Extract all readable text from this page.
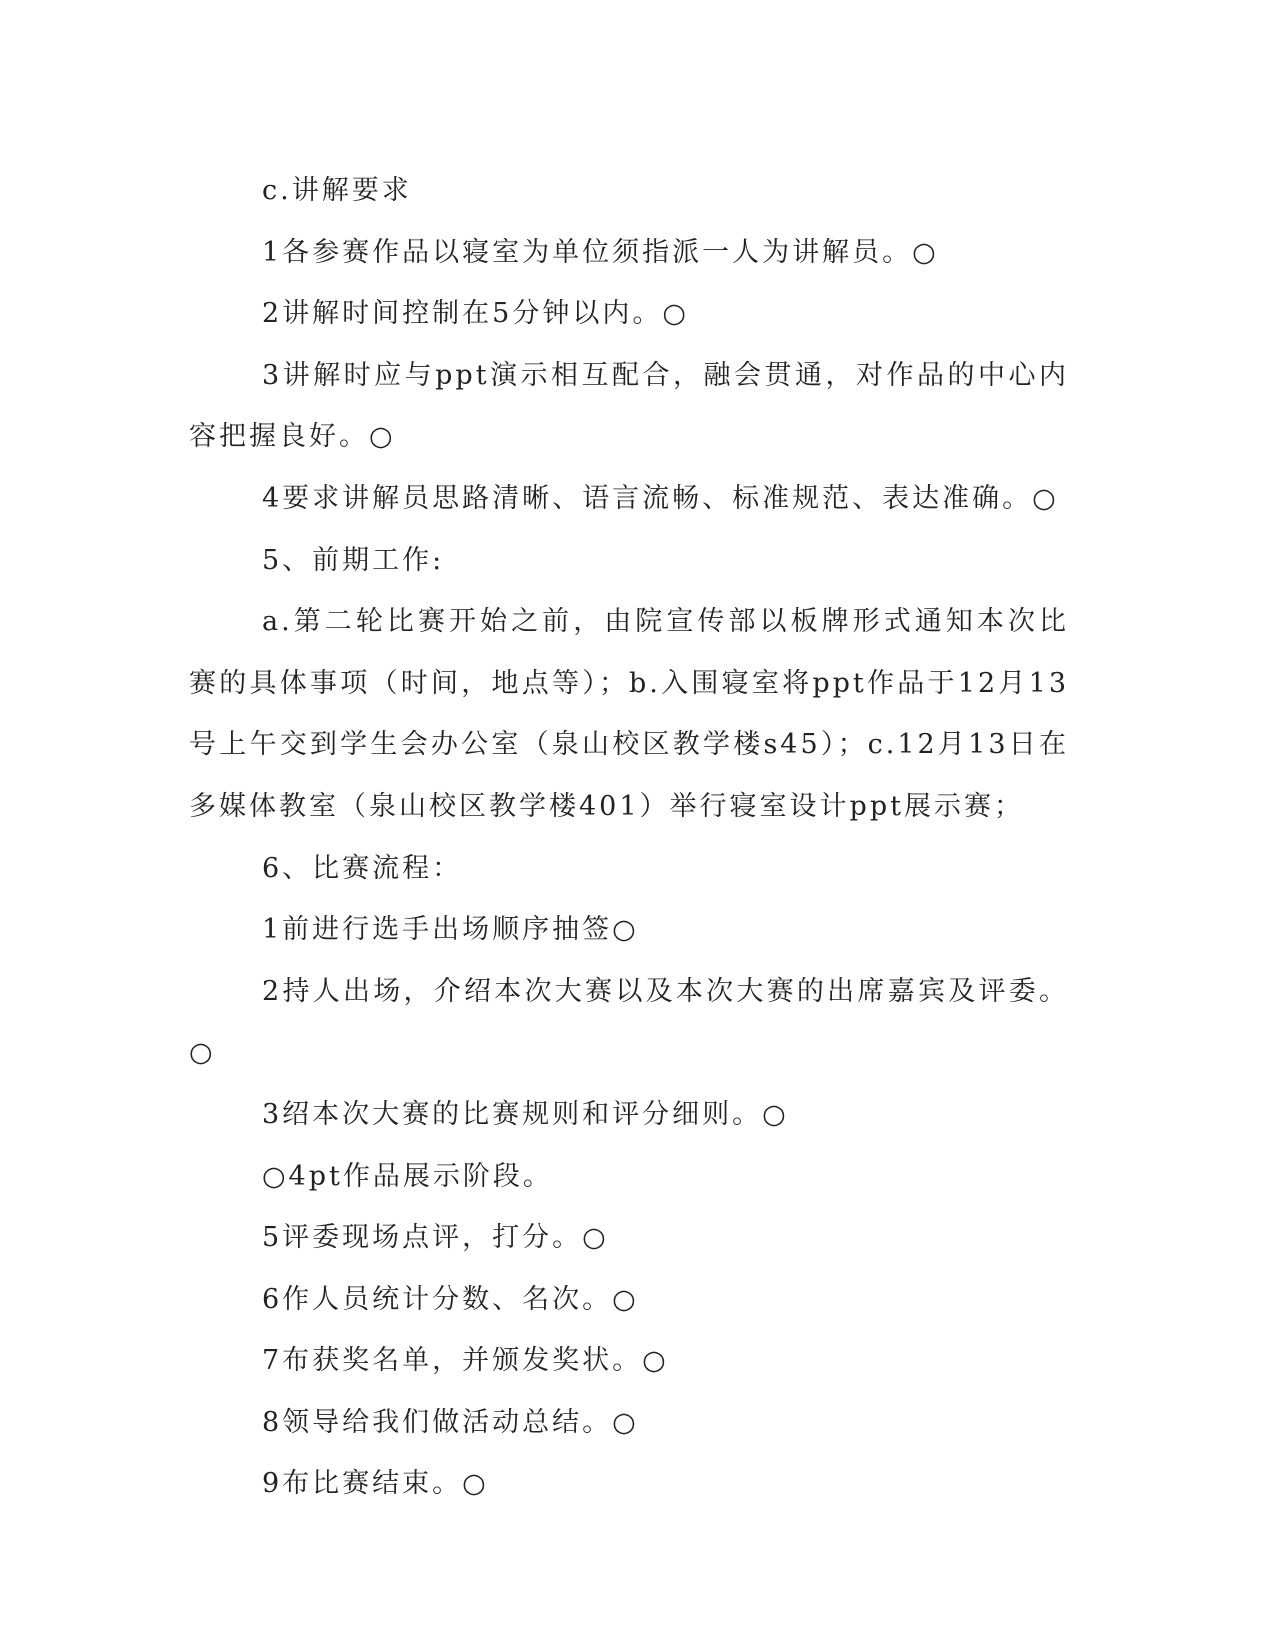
c.讲解要求

1各参赛作品以寝室为单位须指派一人为讲解员。○

2讲解时间控制在5分钟以内。○

3讲解时应与ppt演示相互配合，融会贯通，对作品的中心内容把握良好。○

4要求讲解员思路清晰、语言流畅、标准规范、表达准确。○

5、前期工作:

a.第二轮比赛开始之前，由院宣传部以板牌形式通知本次比赛的具体事项（时间，地点等）；b.入围寝室将ppt作品于12月13号上午交到学生会办公室（泉山校区教学楼s45）；c.12月13日在多媒体教室（泉山校区教学楼401）举行寝室设计ppt展示赛；

6、比赛流程：

1前进行选手出场顺序抽签○

2持人出场，介绍本次大赛以及本次大赛的出席嘉宾及评委。○

3绍本次大赛的比赛规则和评分细则。○

○4pt作品展示阶段。

5评委现场点评，打分。○

6作人员统计分数、名次。○

7布获奖名单，并颁发奖状。○

8领导给我们做活动总结。○

9布比赛结束。○
